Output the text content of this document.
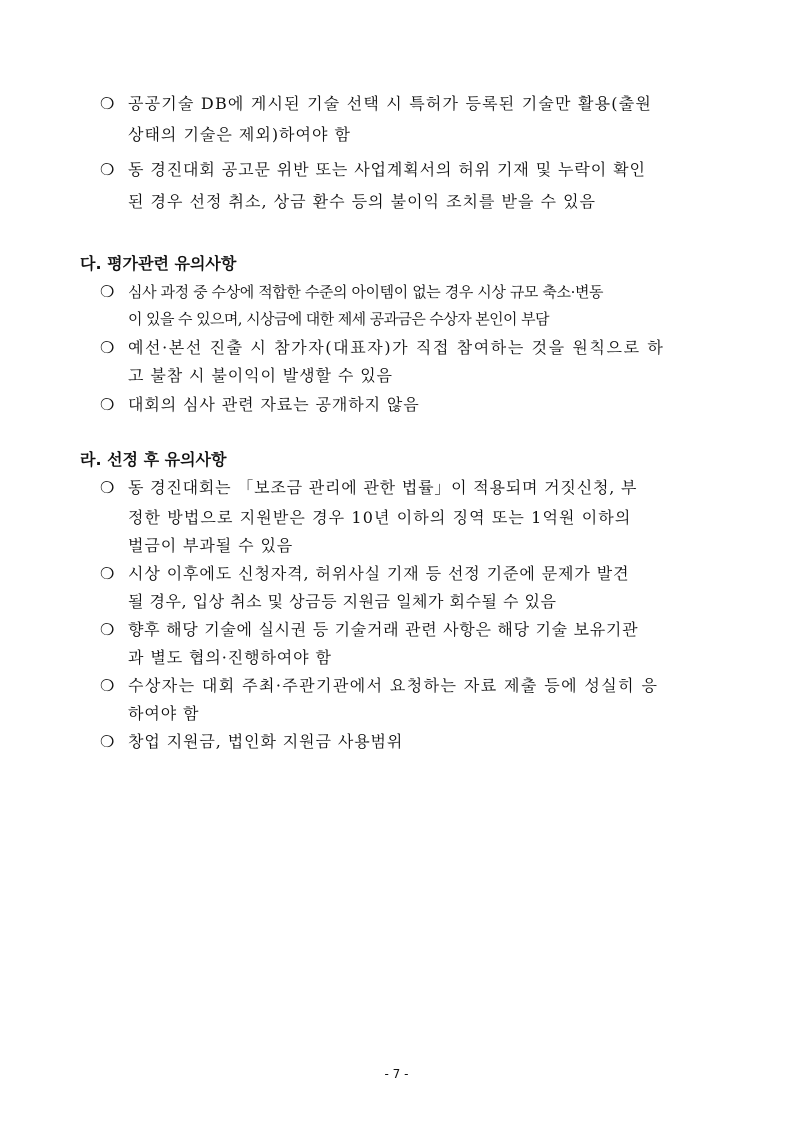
❍ 공공기술 DB에 게시된 기술 선택 시 특허가 등록된 기술만 활용(출원
상태의 기술은 제외)하여야 함
❍ 동 경진대회 공고문 위반 또는 사업계획서의 허위 기재 및 누락이 확인
된 경우 선정 취소, 상금 환수 등의 불이익 조치를 받을 수 있음
다. 평가관련 유의사항
❍ 심사 과정 중 수상에 적합한 수준의 아이템이 없는 경우 시상 규모 축소·변동
이 있을 수 있으며, 시상금에 대한 제세 공과금은 수상자 본인이 부담
❍ 예선·본선 진출 시 참가자(대표자)가 직접 참여하는 것을 원칙으로 하
고 불참 시 불이익이 발생할 수 있음
❍ 대회의 심사 관련 자료는 공개하지 않음
라. 선정 후 유의사항
❍ 동 경진대회는 「보조금 관리에 관한 법률」이 적용되며 거짓신청, 부
정한 방법으로 지원받은 경우 10년 이하의 징역 또는 1억원 이하의
벌금이 부과될 수 있음
❍ 시상 이후에도 신청자격, 허위사실 기재 등 선정 기준에 문제가 발견
될 경우, 입상 취소 및 상금등 지원금 일체가 회수될 수 있음
❍ 향후 해당 기술에 실시권 등 기술거래 관련 사항은 해당 기술 보유기관
과 별도 협의·진행하여야 함
❍ 수상자는 대회 주최·주관기관에서 요청하는 자료 제출 등에 성실히 응
하여야 함
❍ 창업 지원금, 법인화 지원금 사용범위
- 7 -
